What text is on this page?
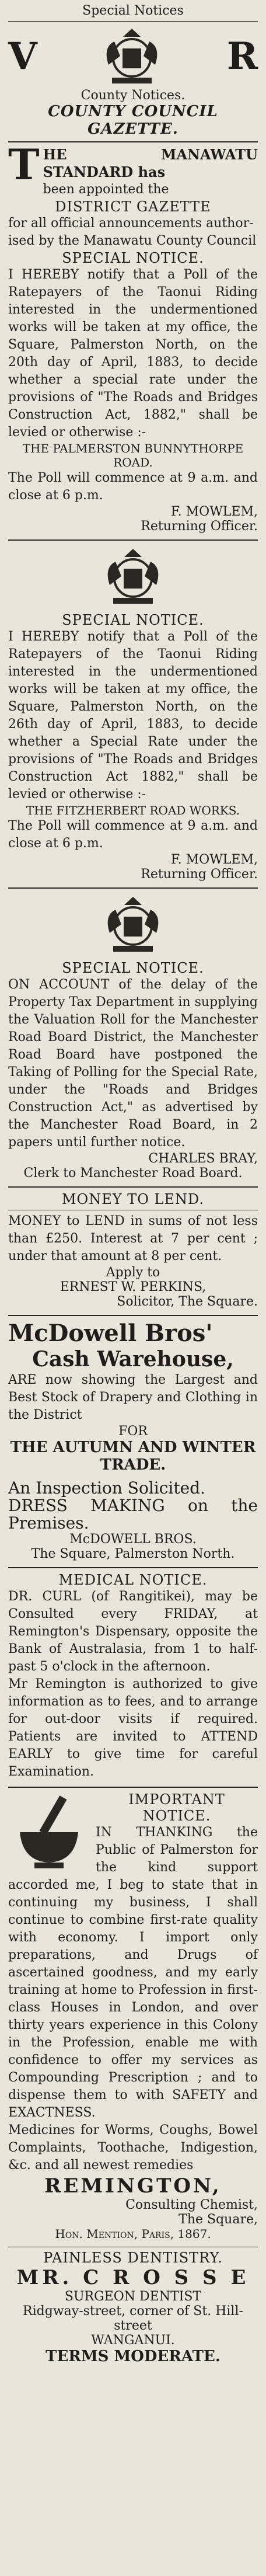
Special Notices
V	R
County Notices.
COUNTY COUNCIL GAZETTE.
T HE MANAWATU STANDARD has

been appointed the

DISTRICT GAZETTE

for all official announcements author-

ised by the Manawatu County Council

SPECIAL NOTICE.

I HEREBY notify that a Poll of the Ratepayers of the Taonui Riding interested in the undermentioned works will be taken at my office, the Square, Palmerston North, on the 20th day of April, 1883, to decide whether a special rate under the provisions of "The Roads and Bridges Construction Act, 1882," shall be levied or otherwise :-

THE PALMERSTON BUNNYTHORPE ROAD.

The Poll will commence at 9 a.m. and close at 6 p.m.

F. MOWLEM,
Returning Officer.
SPECIAL NOTICE.

I HEREBY notify that a Poll of the Ratepayers of the Taonui Riding interested in the undermentioned works will be taken at my office, the Square, Palmerston North, on the 26th day of April, 1883, to decide whether a Special Rate under the provisions of "The Roads and Bridges Construction Act 1882," shall be levied or otherwise :-

THE FITZHERBERT ROAD WORKS.

The Poll will commence at 9 a.m. and close at 6 p.m.

F. MOWLEM,
Returning Officer.
SPECIAL NOTICE.

ON ACCOUNT of the delay of the Property Tax Department in supplying the Valuation Roll for the Manchester Road Board District, the Manchester Road Board have postponed the Taking of Polling for the Special Rate, under the "Roads and Bridges Construction Act," as advertised by the Manchester Road Board, in 2 papers until further notice.

CHARLES BRAY,
Clerk to Manchester Road Board.
MONEY TO LEND.

MONEY to LEND in sums of not less than £250. Interest at 7 per cent ; under that amount at 8 per cent.

Apply to
ERNEST W. PERKINS,
Solicitor, The Square.
McDowell Bros'
Cash Warehouse,

ARE now showing the Largest and Best Stock of Drapery and Clothing in the District

FOR
THE AUTUMN AND WINTER TRADE.

An Inspection Solicited.

DRESS MAKING on the Premises.

McDOWELL BROS.
The Square, Palmerston North.
MEDICAL NOTICE.

DR. CURL (of Rangitikei), may be Consulted every FRIDAY, at Remington's Dispensary, opposite the Bank of Australasia, from 1 to half-past 5 o'clock in the afternoon.

Mr Remington is authorized to give information as to fees, and to arrange for out-door visits if required. Patients are invited to ATTEND EARLY to give time for careful Examination.

IMPORTANT NOTICE.

IN THANKING the Public of Palmerston for the kind support accorded me, I beg to state that in continuing my business, I shall continue to combine first-rate quality with economy. I import only preparations, and Drugs of ascertained goodness, and my early training at home to Profession in first-class Houses in London, and over thirty years experience in this Colony in the Profession, enable me with confidence to offer my services as Compounding Prescription ; and to dispense them to with SAFETY and EXACTNESS.

Medicines for Worms, Coughs, Bowel Complaints, Toothache, Indigestion, &c. and all newest remedies

REMINGTON,
Consulting Chemist,
The Square,
Hon. Mention, Paris, 1867.
PAINLESS DENTISTRY.
MR. C R O S S E
SURGEON DENTIST
Ridgway-street, corner of St. Hill-street
WANGANUI.
TERMS MODERATE.
